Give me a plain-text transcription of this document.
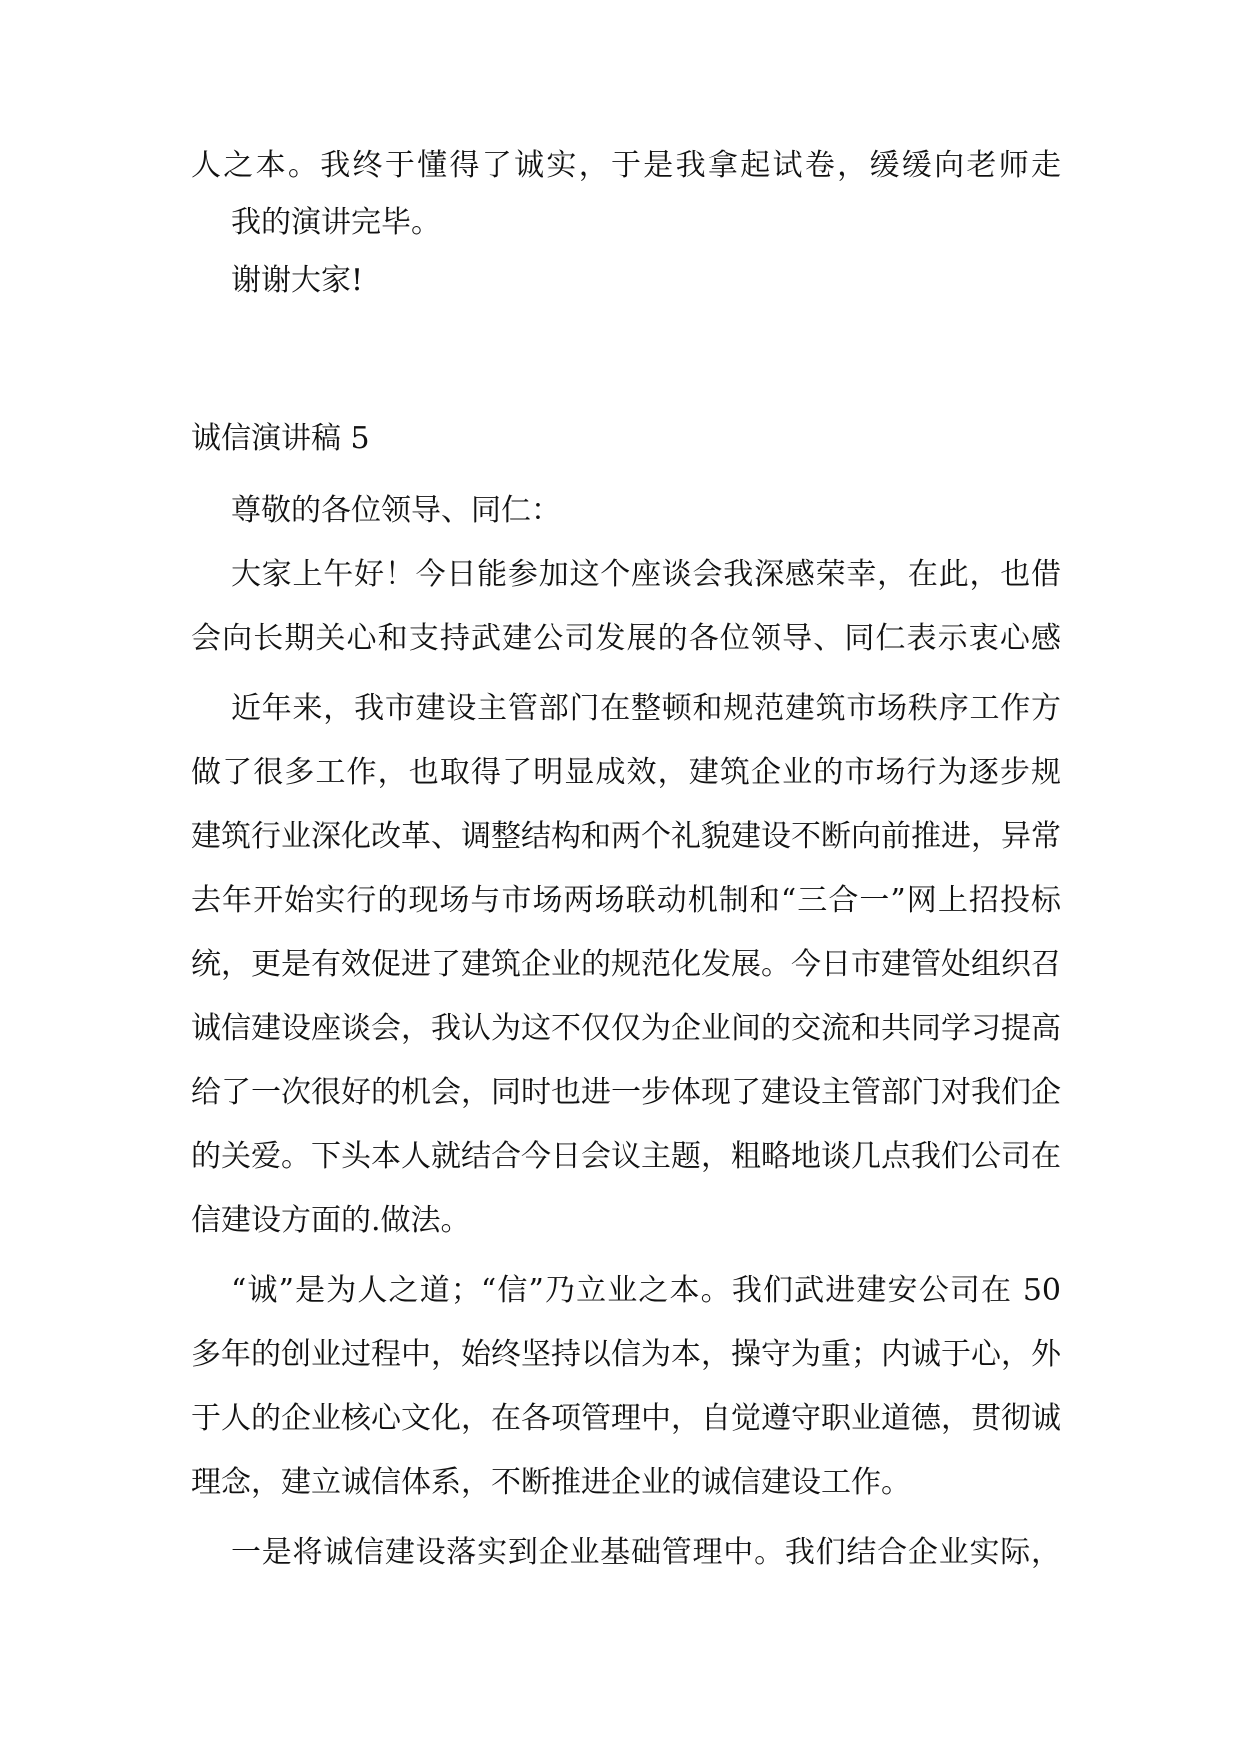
人之本。我终于懂得了诚实，于是我拿起试卷，缓缓向老师走
我的演讲完毕。
谢谢大家!
诚信演讲稿 5
尊敬的各位领导、同仁：
大家上午好！今日能参加这个座谈会我深感荣幸，在此，也借
会向长期关心和支持武建公司发展的各位领导、同仁表示衷心感
近年来，我市建设主管部门在整顿和规范建筑市场秩序工作方
做了很多工作，也取得了明显成效，建筑企业的市场行为逐步规
建筑行业深化改革、调整结构和两个礼貌建设不断向前推进，异常
去年开始实行的现场与市场两场联动机制和“三合一”网上招投标
统，更是有效促进了建筑企业的规范化发展。今日市建管处组织召
诚信建设座谈会，我认为这不仅仅为企业间的交流和共同学习提高
给了一次很好的机会，同时也进一步体现了建设主管部门对我们企
的关爱。下头本人就结合今日会议主题，粗略地谈几点我们公司在
信建设方面的.做法。
“诚”是为人之道；“信”乃立业之本。我们武进建安公司在 50
多年的创业过程中，始终坚持以信为本，操守为重；内诚于心，外
于人的企业核心文化，在各项管理中，自觉遵守职业道德，贯彻诚
理念，建立诚信体系，不断推进企业的诚信建设工作。
一是将诚信建设落实到企业基础管理中。我们结合企业实际，
